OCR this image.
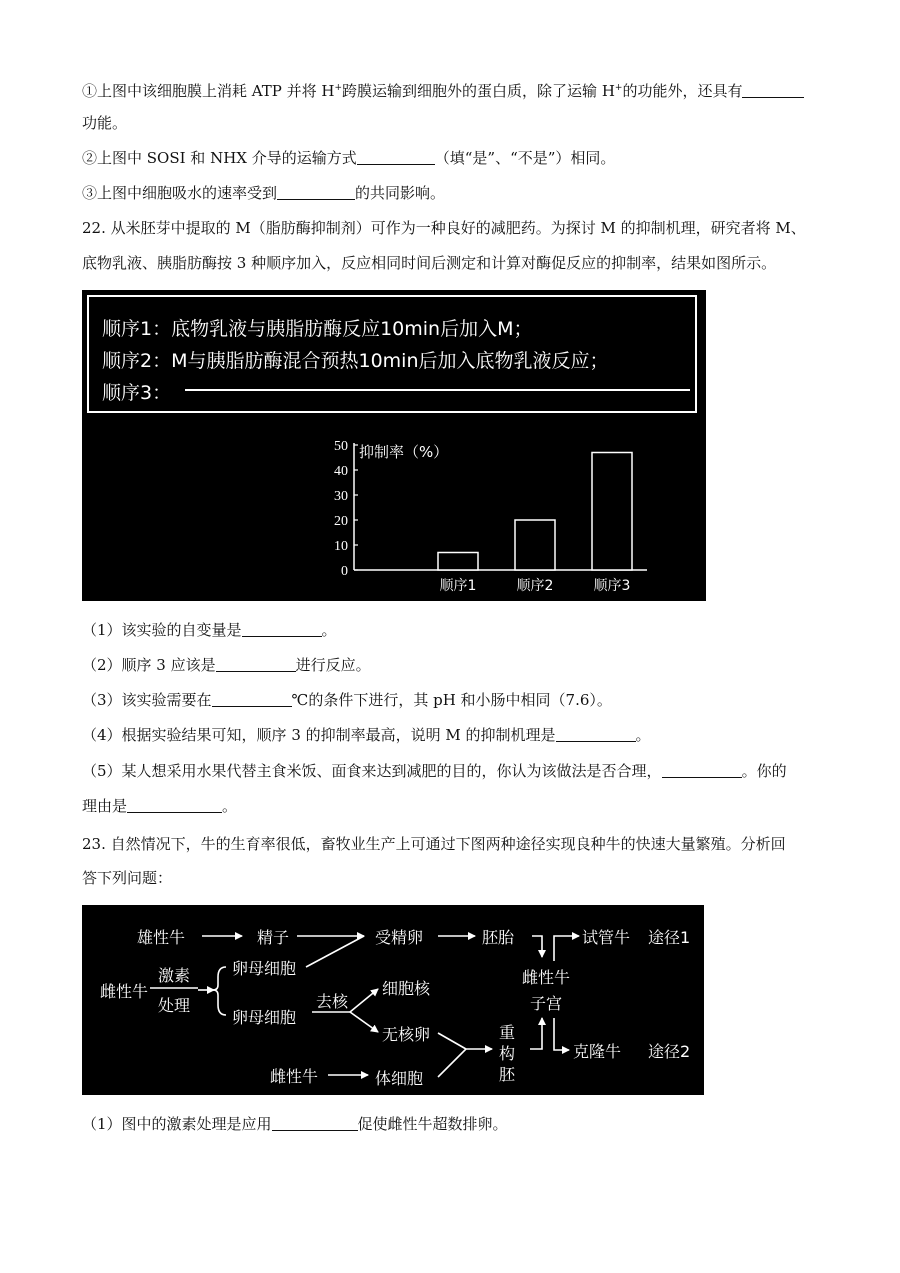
①上图中该细胞膜上消耗 ATP 并将 H+跨膜运输到细胞外的蛋白质，除了运输 H+的功能外，还具有
功能。
②上图中 SOSI 和 NHX 介导的运输方式	（填“是”、“不是”）相同。
③上图中细胞吸水的速率受到	的共同影响。
22. 从米胚芽中提取的 M（脂肪酶抑制剂）可作为一种良好的减肥药。为探讨 M 的抑制机理，研究者将 M、
底物乳液、胰脂肪酶按 3 种顺序加入，反应相同时间后测定和计算对酶促反应的抑制率，结果如图所示。
顺序1：底物乳液与胰脂肪酶反应10min后加入M；
顺序2：M与胰脂肪酶混合预热10min后加入底物乳液反应；
顺序3：
0
10
20
30
40
50 抑制率（%）
顺序1	顺序2	顺序3
（1）该实验的自变量是	。
（2）顺序 3 应该是	进行反应。
（3）该实验需要在	℃的条件下进行，其 pH 和小肠中相同（7.6）。
（4）根据实验结果可知，顺序 3 的抑制率最高，说明 M 的抑制机理是	。
（5）某人想采用水果代替主食米饭、面食来达到减肥的目的，你认为该做法是否合理，	。你的
理由是	。
23. 自然情况下，牛的生育率很低，畜牧业生产上可通过下图两种途径实现良种牛的快速大量繁殖。分析回
答下列问题：
雄性牛	精子	受精卵	胚胎	试管牛 途径1
雌性牛
激素
处理
卵母细胞
卵母细胞
去核
细胞核
无核卵
雌性牛
子宫
重
构
胚
克隆牛 途径2
雌性牛	体细胞
（1）图中的激素处理是应用	促使雌性牛超数排卵。
